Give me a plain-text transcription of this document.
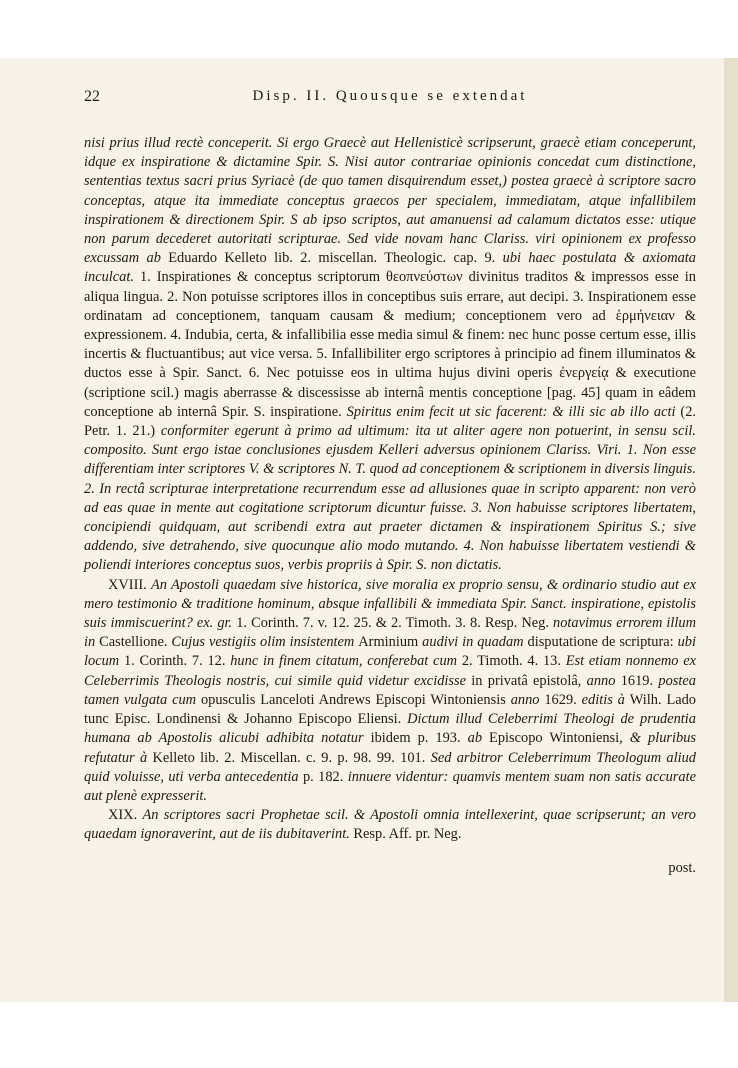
22	Disp. II. Quousque se extendat

nisi prius illud rectè conceperit. Si ergo Graecè aut Hellenisticè scripserunt, graecè etiam conceperunt, idque ex inspiratione & dictamine Spir. S. Nisi autor contrariae opinionis concedat cum distinctione, sententias textus sacri prius Syriacè (de quo tamen disquirendum esset,) postea graecè à scriptore sacro conceptas, atque ita immediate conceptus graecos per specialem, immediatam, atque infallibilem inspirationem & directionem Spir. S ab ipso scriptos, aut amanuensi ad calamum dictatos esse: utique non parum decederet autoritati scripturae. Sed vide novam hanc Clariss. viri opinionem ex professo excussam ab Eduardo Kelleto lib. 2. miscellan. Theologic. cap. 9. ubi haec postulata & axiomata inculcat. 1. Inspirationes & conceptus scriptorum θεοπνεύστων divinitus traditos & impressos esse in aliqua lingua. 2. Non potuisse scriptores illos in conceptibus suis errare, aut decipi. 3. Inspirationem esse ordinatam ad conceptionem, tanquam causam & medium; conceptionem vero ad ἑρμήνειαν & expressionem. 4. Indubia, certa, & infallibilia esse media simul & finem: nec hunc posse certum esse, illis incertis & fluctuantibus; aut vice versa. 5. Infallibiliter ergo scriptores à principio ad finem illuminatos & ductos esse à Spir. Sanct. 6. Nec potuisse eos in ultima hujus divini operis ἐνεργείᾳ & executione (scriptione scil.) magis aberrasse & discessisse ab internâ mentis conceptione [pag. 45] quam in eâdem conceptione ab internâ Spir. S. inspiratione. Spiritus enim fecit ut sic facerent: & illi sic ab illo acti (2. Petr. 1. 21.) conformiter egerunt à primo ad ultimum: ita ut aliter agere non potuerint, in sensu scil. composito. Sunt ergo istae conclusiones ejusdem Kelleri adversus opinionem Clariss. Viri. 1. Non esse differentiam inter scriptores V. & scriptores N. T. quod ad conceptionem & scriptionem in diversis linguis. 2. In rectâ scripturae interpretatione recurrendum esse ad allusiones quae in scripto apparent: non verò ad eas quae in mente aut cogitatione scriptorum dicuntur fuisse. 3. Non habuisse scriptores libertatem, concipiendi quidquam, aut scribendi extra aut praeter dictamen & inspirationem Spiritus S.; sive addendo, sive detrahendo, sive quocunque alio modo mutando. 4. Non habuisse libertatem vestiendi & poliendi interiores conceptus suos, verbis propriis à Spir. S. non dictatis.

XVIII. An Apostoli quaedam sive historica, sive moralia ex proprio sensu, & ordinario studio aut ex mero testimonio & traditione hominum, absque infallibili & immediata Spir. Sanct. inspiratione, epistolis suis immiscuerint? ex. gr. 1. Corinth. 7. v. 12. 25. & 2. Timoth. 3. 8. Resp. Neg. notavimus errorem illum in Castellione. Cujus vestigiis olim insistentem Arminium audivi in quadam disputatione de scriptura: ubi locum 1. Corinth. 7. 12. hunc in finem citatum, conferebat cum 2. Timoth. 4. 13. Est etiam nonnemo ex Celeberrimis Theologis nostris, cui simile quid videtur excidisse in privatâ epistolâ, anno 1619. postea tamen vulgata cum opusculis Lanceloti Andrews Episcopi Wintoniensis anno 1629. editis à Wilh. Lado tunc Episc. Londinensi & Johanno Episcopo Eliensi. Dictum illud Celeberrimi Theologi de prudentia humana ab Apostolis alicubi adhibita notatur ibidem p. 193. ab Episcopo Wintoniensi, & pluribus refutatur à Kelleto lib. 2. Miscellan. c. 9. p. 98. 99. 101. Sed arbitror Celeberrimum Theologum aliud quid voluisse, uti verba antecedentia p. 182. innuere videntur: quamvis mentem suam non satis accurate aut plenè expresserit.

XIX. An scriptores sacri Prophetae scil. & Apostoli omnia intellexerint, quae scripserunt; an vero quaedam ignoraverint, aut de iis dubitaverint. Resp. Aff. pr. Neg.

post.
